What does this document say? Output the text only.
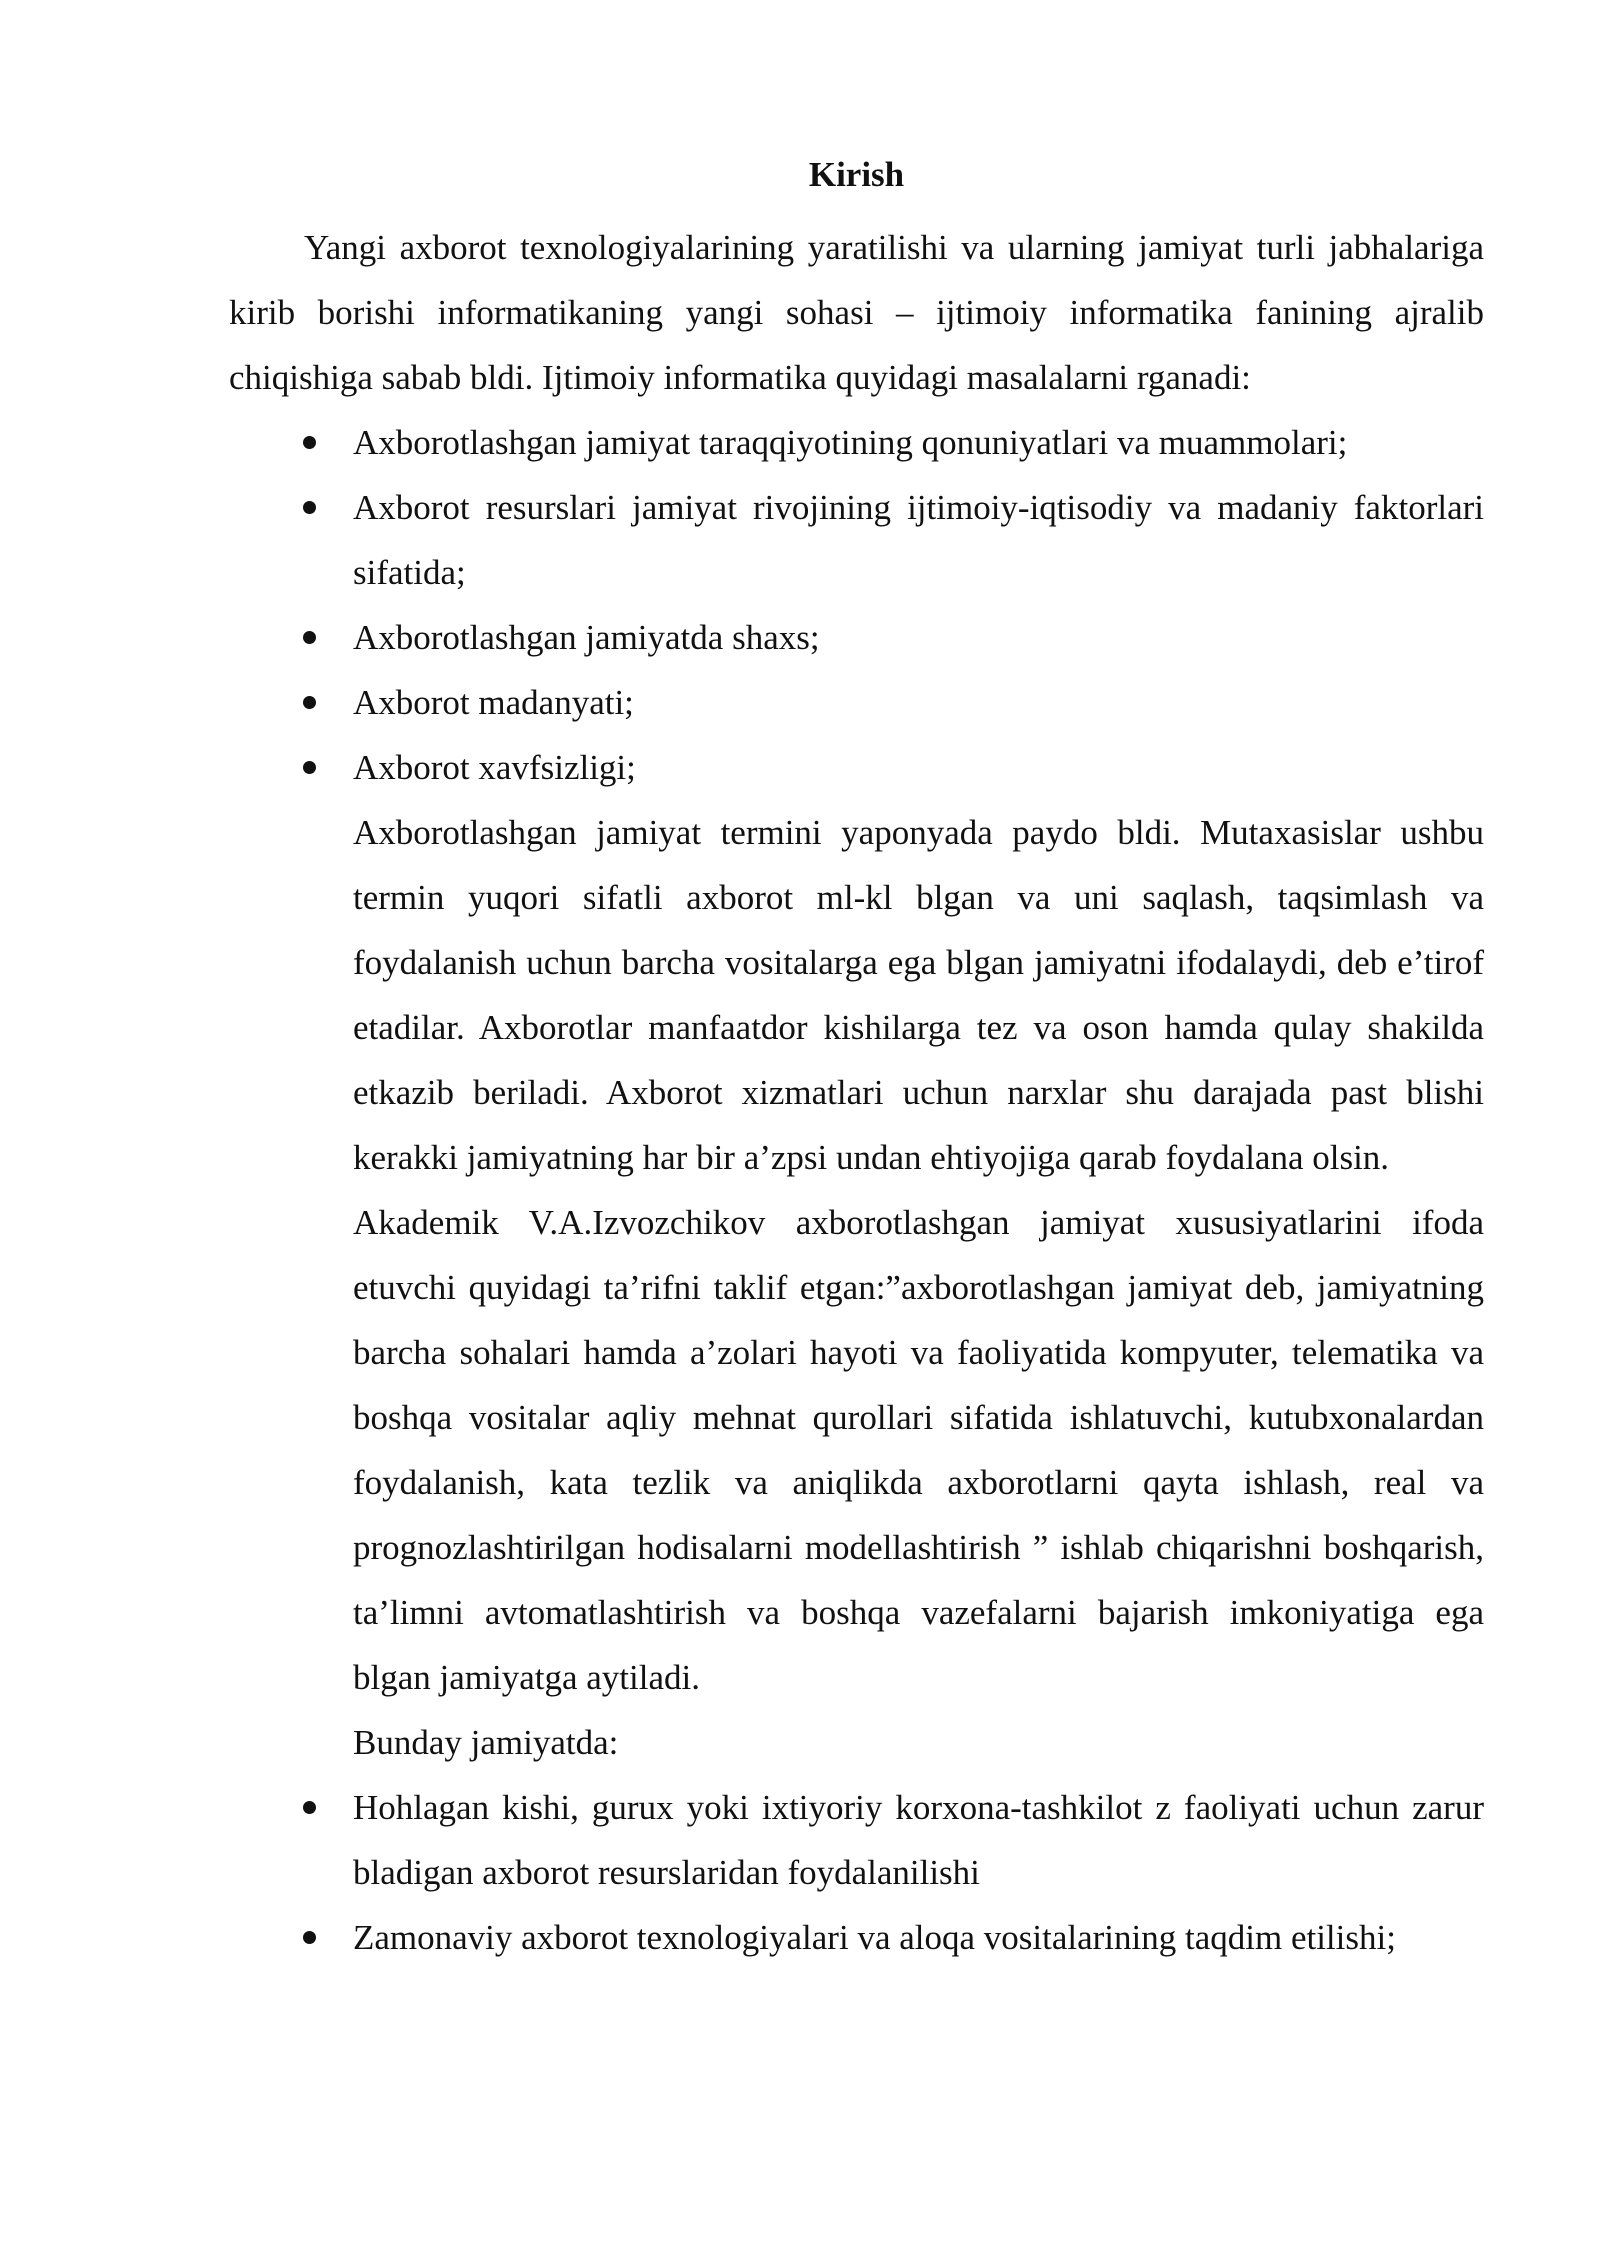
Kirish

Yangi axborot texnologiyalarining yaratilishi va ularning jamiyat turli jabhalariga kirib borishi informatikaning yangi sohasi – ijtimoiy informatika fanining ajralib chiqishiga sabab bldi. Ijtimoiy informatika quyidagi masalalarni rganadi:

Axborotlashgan jamiyat taraqqiyotining qonuniyatlari va muammolari;
Axborot resurslari jamiyat rivojining ijtimoiy-iqtisodiy va madaniy faktorlari sifatida;
Axborotlashgan jamiyatda shaxs;
Axborot madanyati;
Axborot xavfsizligi;

Axborotlashgan jamiyat termini yaponyada paydo bldi. Mutaxasislar ushbu termin yuqori sifatli axborot ml-kl blgan va uni saqlash, taqsimlash va foydalanish uchun barcha vositalarga ega blgan jamiyatni ifodalaydi, deb e’tirof etadilar. Axborotlar manfaatdor kishilarga tez va oson hamda qulay shakilda etkazib beriladi. Axborot xizmatlari uchun narxlar shu darajada past blishi kerakki jamiyatning har bir a’zpsi undan ehtiyojiga qarab foydalana olsin.

Akademik V.A.Izvozchikov axborotlashgan jamiyat xususiyatlarini ifoda etuvchi quyidagi ta’rifni taklif etgan:”axborotlashgan jamiyat deb, jamiyatning barcha sohalari hamda a’zolari hayoti va faoliyatida kompyuter, telematika va boshqa vositalar aqliy mehnat qurollari sifatida ishlatuvchi, kutubxonalardan foydalanish, kata tezlik va aniqlikda axborotlarni qayta ishlash, real va prognozlashtirilgan hodisalarni modellashtirish ” ishlab chiqarishni boshqarish, ta’limni avtomatlashtirish va boshqa vazefalarni bajarish imkoniyatiga ega blgan jamiyatga aytiladi.

Bunday jamiyatda:

Hohlagan kishi, gurux yoki ixtiyoriy korxona-tashkilot z faoliyati uchun zarur bladigan axborot resurslaridan foydalanilishi
Zamonaviy axborot texnologiyalari va aloqa vositalarining taqdim etilishi;
